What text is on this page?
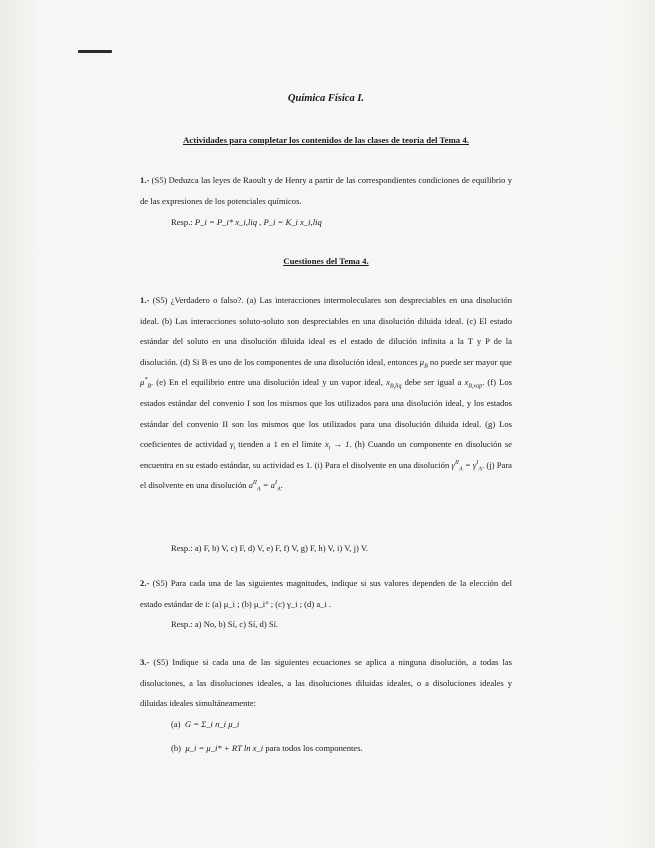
Química Física I.
Actividades para completar los contenidos de las clases de teoría del Tema 4.
1.- (S5) Deduzca las leyes de Raoult y de Henry a partir de las correspondientes condiciones de equilibrio y de las expresiones de los potenciales químicos.
Resp.: P_i = P_i* x_i,liq , P_i = K_i x_i,liq
Cuestiones del Tema 4.
1.- (S5) ¿Verdadero o falso?. (a) Las interacciones intermoleculares son despreciables en una disolución ideal. (b) Las interacciones soluto-soluto son despreciables en una disolución diluida ideal. (c) El estado estándar del soluto en una disolución diluida ideal es el estado de dilución infinita a la T y P de la disolución. (d) Si B es uno de los componentes de una disolución ideal, entonces $\mu_B$ no puede ser mayor que $\mu^*_B$. (e) En el equilibrio entre una disolución ideal y un vapor ideal, $x_{B,liq}$ debe ser igual a $x_{B,vap}$. (f) Los estados estándar del convenio I son los mismos que los utilizados para una disolución ideal, y los estados estándar del convenio II son los mismos que los utilizados para una disolución diluida ideal. (g) Los coeficientes de actividad $\gamma_i$ tienden a 1 en el límite $x_i \to 1$. (h) Cuando un componente en disolución se encuentra en su estado estándar, su actividad es 1. (i) Para el disolvente en una disolución $\gamma^{II}_A = \gamma^I_A$. (j) Para el disolvente en una disolución $a^{II}_A = a^I_A$.
Resp.: a) F, b) V, c) F, d) V, e) F, f) V, g) F, h) V, i) V, j) V.
2.- (S5) Para cada una de las siguientes magnitudes, indique si sus valores dependen de la elección del estado estándar de i: (a) μ_i ; (b) μ_i° ; (c) γ_i ; (d) a_i .
Resp.: a) No, b) Sí, c) Sí, d) Sí.
3.- (S5) Indique si cada una de las siguientes ecuaciones se aplica a ninguna disolución, a todas las disoluciones, a las disoluciones ideales, a las disoluciones diluidas ideales, o a disoluciones ideales y diluidas ideales simultáneamente:
(a) G = Σ_i n_i μ_i
(b) μ_i = μ_i* + RT ln x_i para todos los componentes.
